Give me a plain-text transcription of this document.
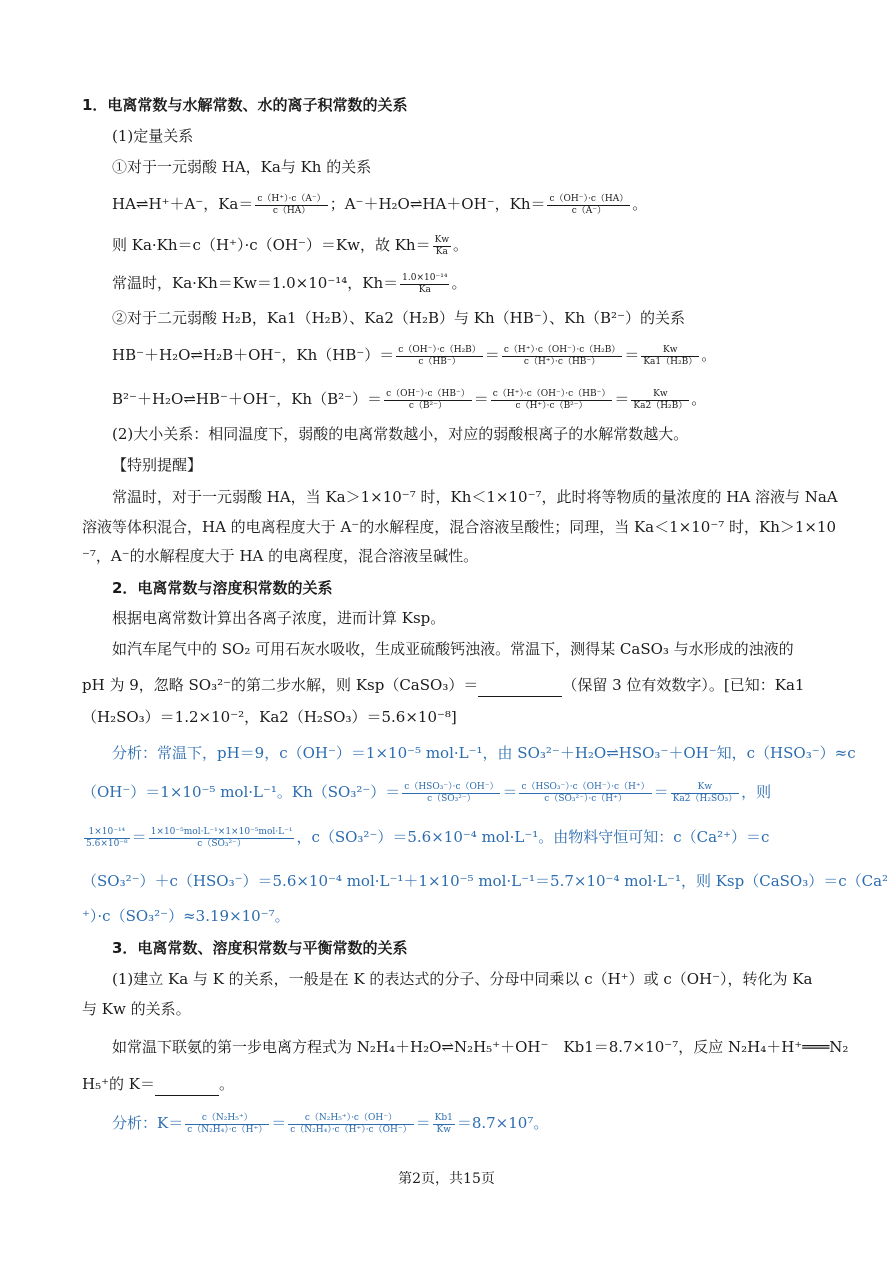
1．电离常数与水解常数、水的离子积常数的关系
(1)定量关系
①对于一元弱酸 HA，Ka与 Kh 的关系
HA⇌H⁺＋A⁻，$Ka= \frac{c(H^+)\cdot c(A^-)}{c(HA)}$ ；A⁻＋H₂O⇌HA＋OH⁻，$Kh= \frac{c(OH^-)\cdot c(HA)}{c(A^-)}$ 。
则 Ka·Kh＝c（H⁺）·c（OH⁻）＝Kw，故 $Kh= \frac{Kw}{Ka}$ 。
常温时，Ka·Kh＝Kw＝1.0×10⁻¹⁴，$Kh= \frac{\text{1.0×10⁻¹⁴}}{Ka}$ 。
②对于二元弱酸 H₂B，Ka1（H₂B）、Ka2（H₂B）与 Kh（HB⁻）、Kh（B²⁻）的关系
HB⁻＋H₂O⇌H₂B＋OH⁻，$Kh(HB^-)= \frac{\text{c（OH⁻）·c（H₂B）}}{c(HB^-)} = \frac{\text{c（H⁺）·c（OH⁻）·c（H₂B）}}{c(H^+)\cdot c(HB^-)} = \frac{Kw}{\text{Ka1（H₂B）}}$ 。
B²⁻＋H₂O⇌HB⁻＋OH⁻，$Kh(B^{2-})= \frac{c(OH^-)\cdot c(HB^-)}{\text{c（B²⁻）}} = \frac{c(H^+)\cdot c(OH^-)\cdot c(HB^-)}{\text{c（H⁺）·c（B²⁻）}} = \frac{Kw}{\text{Ka2（H₂B）}}$ 。
(2)大小关系：相同温度下，弱酸的电离常数越小，对应的弱酸根离子的水解常数越大。
【特别提醒】
常温时，对于一元弱酸 HA，当 Ka＞1×10⁻⁷ 时，Kh＜1×10⁻⁷，此时将等物质的量浓度的 HA 溶液与 NaA
溶液等体积混合，HA 的电离程度大于 A⁻的水解程度，混合溶液呈酸性；同理，当 Ka＜1×10⁻⁷ 时，Kh＞1×10
⁻⁷，A⁻的水解程度大于 HA 的电离程度，混合溶液呈碱性。
2．电离常数与溶度积常数的关系
根据电离常数计算出各离子浓度，进而计算 Ksp。
如汽车尾气中的 SO₂ 可用石灰水吸收，生成亚硫酸钙浊液。常温下，测得某 CaSO₃ 与水形成的浊液的
pH 为 9，忽略 SO₃²⁻的第二步水解，则 Ksp（CaSO₃）＝	（保留 3 位有效数字）。[已知：Ka1
（H₂SO₃）＝1.2×10⁻²，Ka2（H₂SO₃）＝5.6×10⁻⁸]
分析：常温下，pH＝9，c（OH⁻）＝1×10⁻⁵ mol·L⁻¹，由 SO₃²⁻＋H₂O⇌HSO₃⁻＋OH⁻知，c（HSO₃⁻）≈c
（OH⁻）＝1×10⁻⁵ mol·L⁻¹。$Kh(SO_3^{2-})= \frac{\text{c（HSO₃⁻）·c（OH⁻）}}{\text{c（SO₃²⁻）}} = \frac{\text{c（HSO₃⁻）·c（OH⁻）·c（H⁺）}}{\text{c（SO₃²⁻）·c（H⁺）}} = \frac{Kw}{\text{Ka2（H₂SO₃）}}$ ，则
$\frac{\text{1×10⁻¹⁴}}{\text{5.6×10⁻⁸}} = \frac{\text{1×10⁻⁵mol·L⁻¹×1×10⁻⁵mol·L⁻¹}}{\text{c（SO₃²⁻）}}$ ，c（SO₃²⁻）＝5.6×10⁻⁴ mol·L⁻¹。由物料守恒可知：c（Ca²⁺）＝c
（SO₃²⁻）＋c（HSO₃⁻）＝5.6×10⁻⁴ mol·L⁻¹＋1×10⁻⁵ mol·L⁻¹＝5.7×10⁻⁴ mol·L⁻¹，则 Ksp（CaSO₃）＝c（Ca²
⁺）·c（SO₃²⁻）≈3.19×10⁻⁷。
3．电离常数、溶度积常数与平衡常数的关系
(1)建立 Ka 与 K 的关系，一般是在 K 的表达式的分子、分母中同乘以 c（H⁺）或 c（OH⁻），转化为 Ka
与 Kw 的关系。
如常温下联氨的第一步电离方程式为 N₂H₄＋H₂O⇌N₂H₅⁺＋OH⁻　Kb1＝8.7×10⁻⁷，反应 N₂H₄＋H⁺═══N₂
H₅⁺的 K＝	。
分析：$K= \frac{\text{c（N₂H₅⁺）}}{\text{c（N₂H₄）·c（H⁺）}} = \frac{\text{c（N₂H₅⁺）·c（OH⁻）}}{\text{c（N₂H₄）·c（H⁺）·c（OH⁻）}} = \frac{Kb1}{Kw} =8.7\times 10^7$。
第2页，共15页
